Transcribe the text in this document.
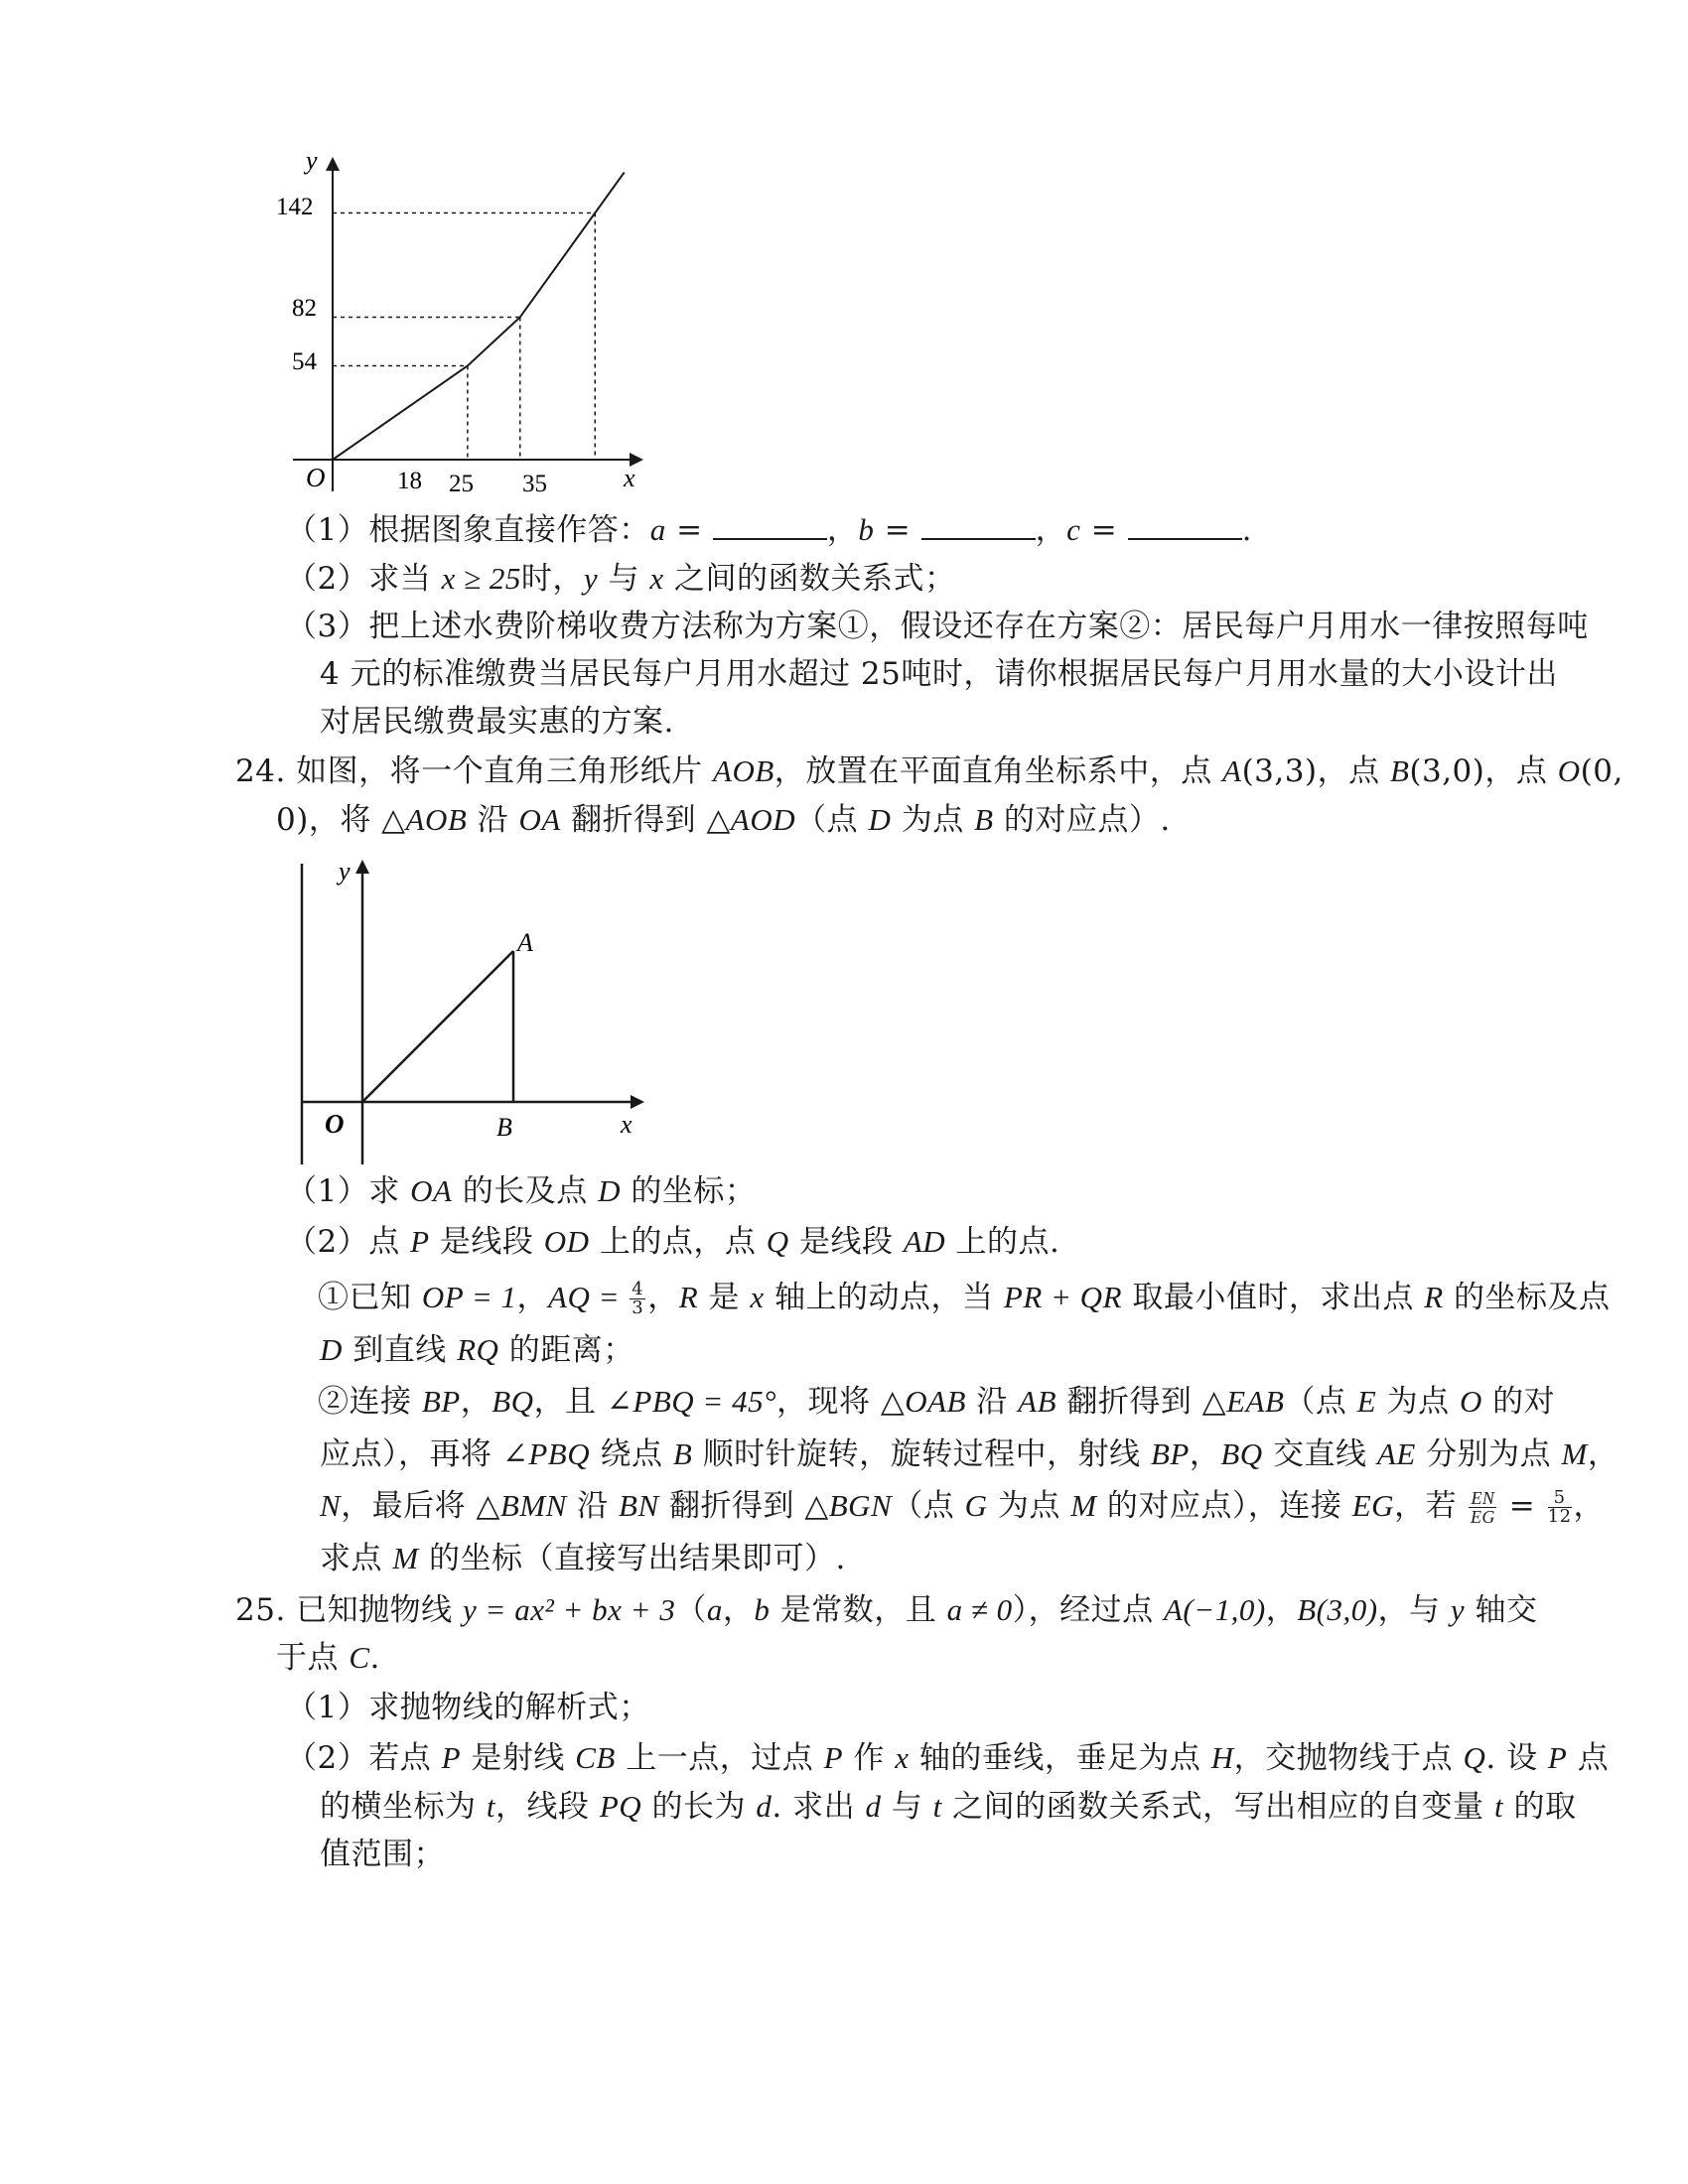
y
x
O
142
82
54
18 25 35
（1）根据图象直接作答：a =	，b =	，c =	.
（2）求当 x ≥ 25时，y 与 x 之间的函数关系式；
（3）把上述水费阶梯收费方法称为方案①，假设还存在方案②：居民每户月用水一律按照每吨
4 元的标准缴费当居民每户月用水超过 25吨时，请你根据居民每户月用水量的大小设计出
对居民缴费最实惠的方案.
24. 如图，将一个直角三角形纸片 AOB，放置在平面直角坐标系中，点 A(3,3)，点 B(3,0)，点 O(0,
0)，将 △AOB 沿 OA 翻折得到 △AOD（点 D 为点 B 的对应点）.
y
x
A
O	B
（1）求 OA 的长及点 D 的坐标；
（2）点 P 是线段 OD 上的点，点 Q 是线段 AD 上的点.
①已知 OP = 1，AQ = $\frac{4}{3}$ ，R 是 x 轴上的动点，当 PR + QR 取最小值时，求出点 R 的坐标及点
D 到直线 RQ 的距离；
②连接 BP，BQ，且 ∠PBQ = 45°，现将 △OAB 沿 AB 翻折得到 △EAB（点 E 为点 O 的对
应点），再将 ∠PBQ 绕点 B 顺时针旋转，旋转过程中，射线 BP，BQ 交直线 AE 分别为点 M，
N，最后将 △BMN 沿 BN 翻折得到 △BGN（点 G 为点 M 的对应点），连接 EG，若 $\frac{EN}{EG} = \frac{5}{12}$ ，
求点 M 的坐标（直接写出结果即可）.
25. 已知抛物线 y = ax² + bx + 3（a，b 是常数，且 a ≠ 0），经过点 A(−1,0)，B(3,0)，与 y 轴交
于点 C.
（1）求抛物线的解析式；
（2）若点 P 是射线 CB 上一点，过点 P 作 x 轴的垂线，垂足为点 H，交抛物线于点 Q. 设 P 点
的横坐标为 t，线段 PQ 的长为 d. 求出 d 与 t 之间的函数关系式，写出相应的自变量 t 的取
值范围；
